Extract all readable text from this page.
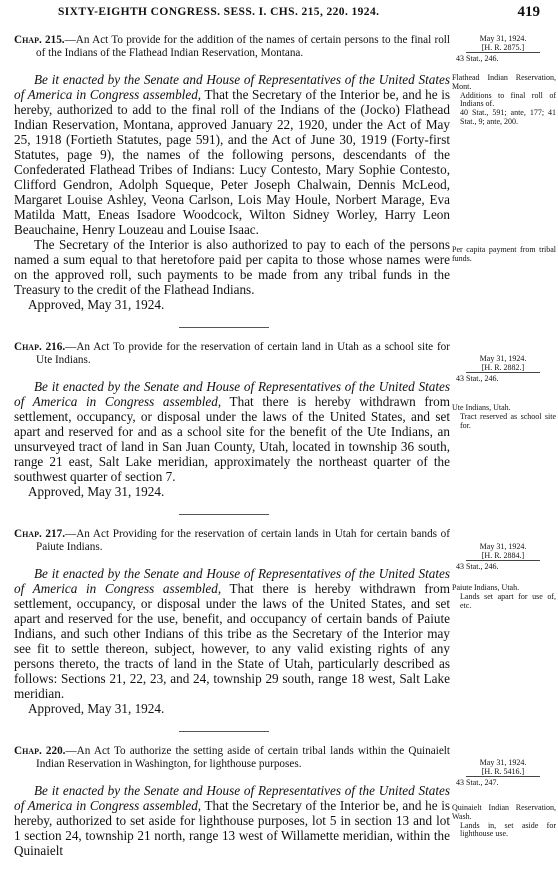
SIXTY-EIGHTH CONGRESS. SESS. I. CHS. 215, 220. 1924.	419

Chap. 215.—An Act To provide for the addition of the names of certain persons to the final roll of the Indians of the Flathead Indian Reservation, Montana.

Be it enacted by the Senate and House of Representatives of the United States of America in Congress assembled, That the Secretary of the Interior be, and he is hereby, authorized to add to the final roll of the Indians of the (Jocko) Flathead Indian Reservation, Montana, approved January 22, 1920, under the Act of May 25, 1918 (Fortieth Statutes, page 591), and the Act of June 30, 1919 (Forty-first Statutes, page 9), the names of the following persons, descendants of the Confederated Flathead Tribes of Indians: Lucy Contesto, Mary Sophie Contesto, Clifford Gendron, Adolph Squeque, Peter Joseph Chalwain, Dennis McLeod, Margaret Louise Ashley, Veona Carlson, Lois May Houle, Norbert Marage, Eva Matilda Matt, Eneas Isadore Woodcock, Wilton Sidney Worley, Harry Leon Beauchaine, Henry Louzeau and Louise Isaac.

The Secretary of the Interior is also authorized to pay to each of the persons named a sum equal to that heretofore paid per capita to those whose names were on the approved roll, such payments to be made from any tribal funds in the Treasury to the credit of the Flathead Indians.

Approved, May 31, 1924.

Chap. 216.—An Act To provide for the reservation of certain land in Utah as a school site for Ute Indians.

Be it enacted by the Senate and House of Representatives of the United States of America in Congress assembled, That there is hereby withdrawn from settlement, occupancy, or disposal under the laws of the United States, and set apart and reserved for and as a school site for the benefit of the Ute Indians, an unsurveyed tract of land in San Juan County, Utah, located in township 36 south, range 21 east, Salt Lake meridian, approximately the northeast quarter of the southwest quarter of section 7.

Approved, May 31, 1924.

Chap. 217.—An Act Providing for the reservation of certain lands in Utah for certain bands of Paiute Indians.

Be it enacted by the Senate and House of Representatives of the United States of America in Congress assembled, That there is hereby withdrawn from settlement, occupancy, or disposal under the laws of the United States, and set apart and reserved for the use, benefit, and occupancy of certain bands of Paiute Indians, and such other Indians of this tribe as the Secretary of the Interior may see fit to settle thereon, subject, however, to any valid existing rights of any persons thereto, the tracts of land in the State of Utah, particularly described as follows: Sections 21, 22, 23, and 24, township 29 south, range 18 west, Salt Lake meridian.

Approved, May 31, 1924.

Chap. 220.—An Act To authorize the setting aside of certain tribal lands within the Quinaielt Indian Reservation in Washington, for lighthouse purposes.

Be it enacted by the Senate and House of Representatives of the United States of America in Congress assembled, That the Secretary of the Interior be, and he is hereby, authorized to set aside for lighthouse purposes, lot 5 in section 13 and lot 1 section 24, township 21 north, range 13 west of Willamette meridian, within the Quinaielt

May 31, 1924.
[H. R. 2875.]
43 Stat., 246.
Flathead Indian Reservation, Mont.
Additions to final roll of Indians of.
40 Stat., 591; ante, 177; 41 Stat., 9; ante, 200.
Per capita payment from tribal funds.
May 31, 1924.
[H. R. 2882.]
43 Stat., 246.
Ute Indians, Utah.
Tract reserved as school site for.
May 31, 1924.
[H. R. 2884.]
43 Stat., 246.
Paiute Indians, Utah.
Lands set apart for use of, etc.
May 31, 1924.
[H. R. 5416.]
43 Stat., 247.
Quinaielt Indian Reservation, Wash.
Lands in, set aside for lighthouse use.
